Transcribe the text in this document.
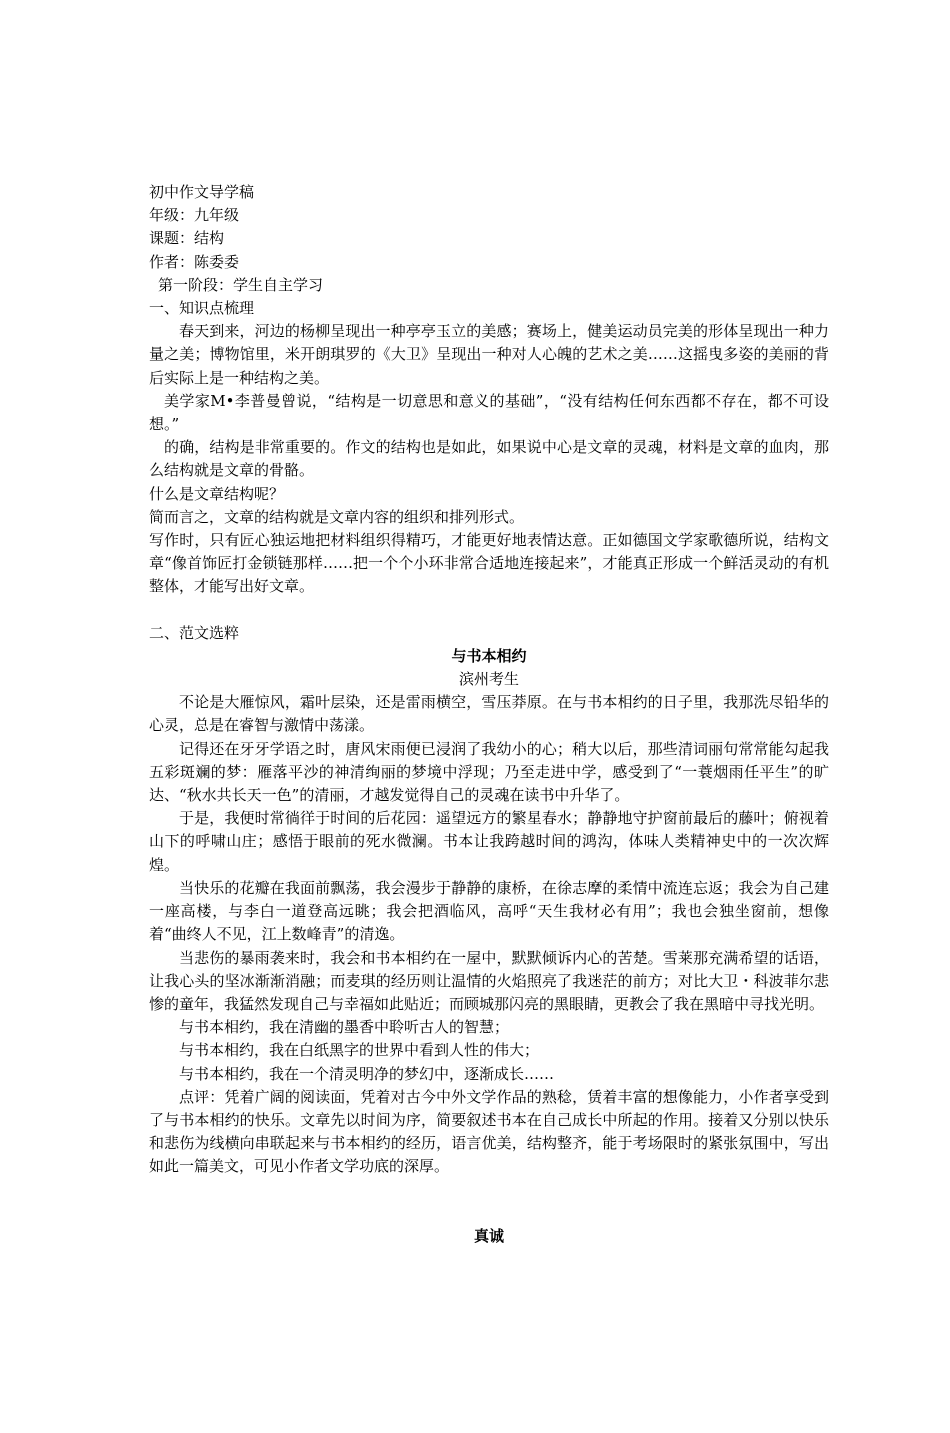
初中作文导学稿
年级：九年级
课题：结构
作者：陈委委
第一阶段：学生自主学习
一、知识点梳理
春天到来，河边的杨柳呈现出一种亭亭玉立的美感；赛场上，健美运动员完美的形体呈现出一种力量之美；博物馆里，米开朗琪罗的《大卫》呈现出一种对人心魄的艺术之美……这摇曳多姿的美丽的背后实际上是一种结构之美。
美学家M•李普曼曾说，“结构是一切意思和意义的基础”，“没有结构任何东西都不存在，都不可设想。”
的确，结构是非常重要的。作文的结构也是如此，如果说中心是文章的灵魂，材料是文章的血肉，那么结构就是文章的骨骼。
什么是文章结构呢？
简而言之，文章的结构就是文章内容的组织和排列形式。
写作时，只有匠心独运地把材料组织得精巧，才能更好地表情达意。正如德国文学家歌德所说，结构文章“像首饰匠打金锁链那样……把一个个小环非常合适地连接起来”，才能真正形成一个鲜活灵动的有机整体，才能写出好文章。
二、范文选粹
与书本相约
滨州考生
不论是大雁惊风，霜叶层染，还是雷雨横空，雪压莽原。在与书本相约的日子里，我那洗尽铅华的心灵，总是在睿智与激情中荡漾。
记得还在牙牙学语之时，唐风宋雨便已浸润了我幼小的心；稍大以后，那些清词丽句常常能勾起我五彩斑斓的梦：雁落平沙的神清绚丽的梦境中浮现；乃至走进中学，感受到了“一蓑烟雨任平生”的旷达、“秋水共长天一色”的清丽，才越发觉得自己的灵魂在读书中升华了。
于是，我便时常徜徉于时间的后花园：遥望远方的繁星春水；静静地守护窗前最后的藤叶；俯视着山下的呼啸山庄；感悟于眼前的死水微澜。书本让我跨越时间的鸿沟，体味人类精神史中的一次次辉煌。
当快乐的花瓣在我面前飘荡，我会漫步于静静的康桥，在徐志摩的柔情中流连忘返；我会为自己建一座高楼，与李白一道登高远眺；我会把酒临风，高呼“天生我材必有用”；我也会独坐窗前，想像着“曲终人不见，江上数峰青”的清逸。
当悲伤的暴雨袭来时，我会和书本相约在一屋中，默默倾诉内心的苦楚。雪莱那充满希望的话语，让我心头的坚冰渐渐消融；而麦琪的经历则让温情的火焰照亮了我迷茫的前方；对比大卫・科波菲尔悲惨的童年，我猛然发现自己与幸福如此贴近；而顾城那闪亮的黑眼睛，更教会了我在黑暗中寻找光明。
与书本相约，我在清幽的墨香中聆听古人的智慧；
与书本相约，我在白纸黑字的世界中看到人性的伟大；
与书本相约，我在一个清灵明净的梦幻中，逐渐成长……
点评：凭着广阔的阅读面，凭着对古今中外文学作品的熟稔，赁着丰富的想像能力，小作者享受到了与书本相约的快乐。文章先以时间为序，简要叙述书本在自己成长中所起的作用。接着又分别以快乐和悲伤为线横向串联起来与书本相约的经历，语言优美，结构整齐，能于考场限时的紧张氛围中，写出如此一篇美文，可见小作者文学功底的深厚。
真诚
